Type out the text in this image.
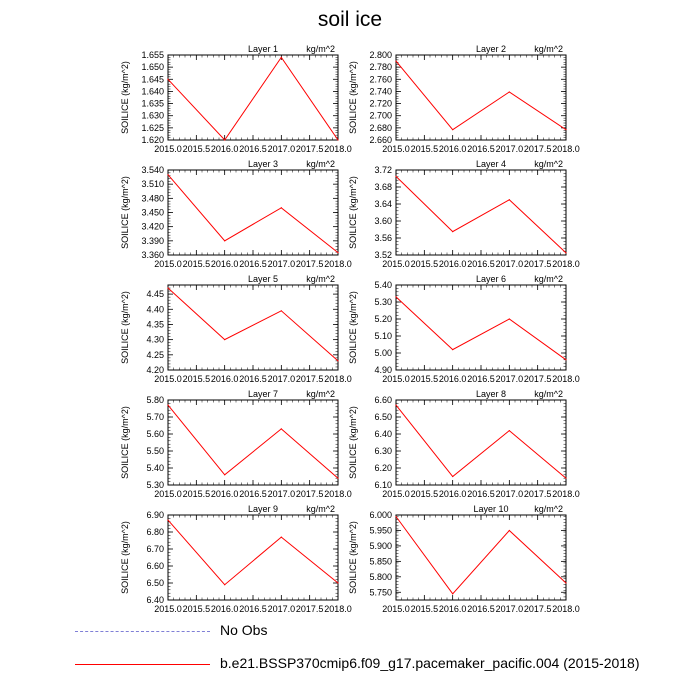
soil ice
2015.0 2015.5 2016.0 2016.5 2017.0 2017.5 2018.0
1.620
1.625
1.630
1.635
1.640
1.645
1.650
1.655
Layer 1	kg/m^2
SOILICE (kg/m^2)
2015.0 2015.5 2016.0 2016.5 2017.0 2017.5 2018.0
2.660
2.680
2.700
2.720
2.740
2.760
2.780
2.800
Layer 2	kg/m^2
SOILICE (kg/m^2)
2015.0 2015.5 2016.0 2016.5 2017.0 2017.5 2018.0
3.360
3.390
3.420
3.450
3.480
3.510
3.540
Layer 3	kg/m^2
SOILICE (kg/m^2)
2015.0 2015.5 2016.0 2016.5 2017.0 2017.5 2018.0
3.52
3.56
3.60
3.64
3.68
3.72
Layer 4	kg/m^2
SOILICE (kg/m^2)
2015.0 2015.5 2016.0 2016.5 2017.0 2017.5 2018.0
4.20
4.25
4.30
4.35
4.40
4.45
Layer 5	kg/m^2
SOILICE (kg/m^2)
2015.0 2015.5 2016.0 2016.5 2017.0 2017.5 2018.0
4.90
5.00
5.10
5.20
5.30
5.40
Layer 6	kg/m^2
SOILICE (kg/m^2)
2015.0 2015.5 2016.0 2016.5 2017.0 2017.5 2018.0
5.30
5.40
5.50
5.60
5.70
5.80
Layer 7	kg/m^2
SOILICE (kg/m^2)
2015.0 2015.5 2016.0 2016.5 2017.0 2017.5 2018.0
6.10
6.20
6.30
6.40
6.50
6.60
Layer 8	kg/m^2
SOILICE (kg/m^2)
2015.0 2015.5 2016.0 2016.5 2017.0 2017.5 2018.0
6.40
6.50
6.60
6.70
6.80
6.90
Layer 9	kg/m^2
SOILICE (kg/m^2)
2015.0 2015.5 2016.0 2016.5 2017.0 2017.5 2018.0
5.750
5.800
5.850
5.900
5.950
6.000
Layer 10	kg/m^2
SOILICE (kg/m^2)
No Obs
b.e21.BSSP370cmip6.f09_g17.pacemaker_pacific.004 (2015-2018)
